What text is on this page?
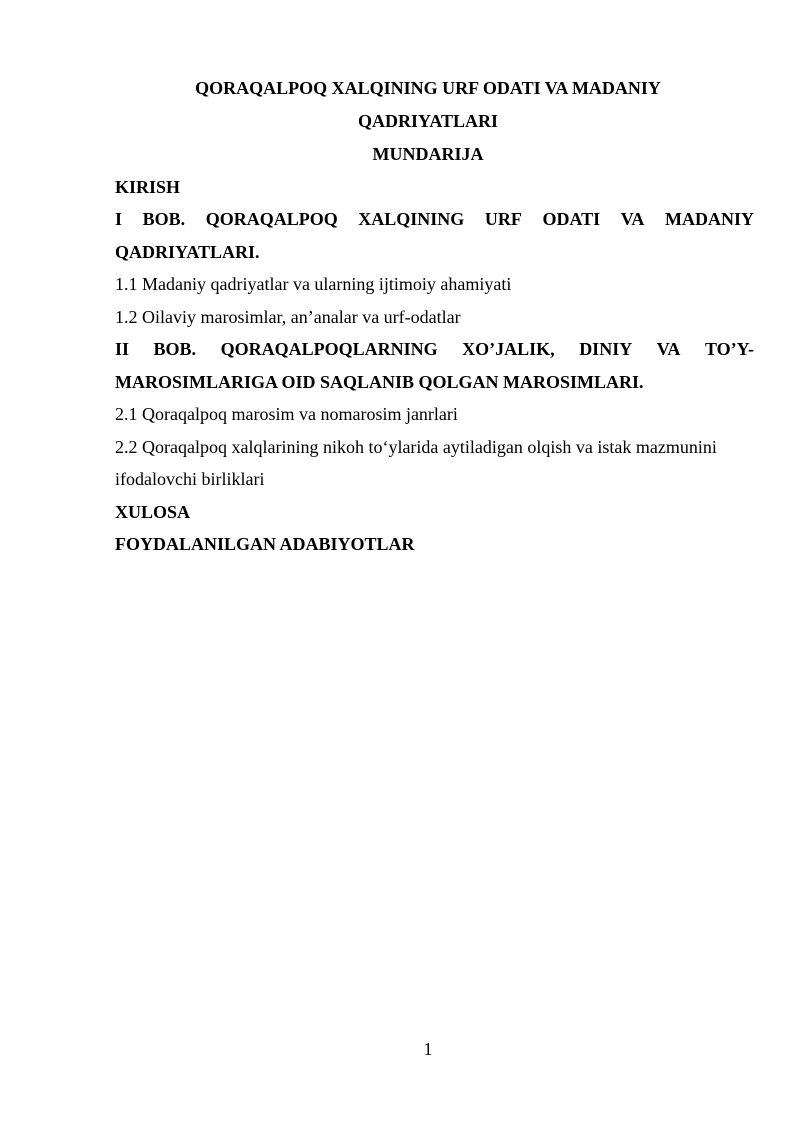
QORAQALPOQ XALQINING URF ODATI VA MADANIY

QADRIYATLARI

MUNDARIJA

KIRISH

I BOB. QORAQALPOQ XALQINING URF ODATI VA MADANIY

QADRIYATLARI.

1.1 Madaniy qadriyatlar va ularning ijtimoiy ahamiyati

1.2 Oilaviy marosimlar, an’analar va urf-odatlar

II BOB. QORAQALPOQLARNING XO’JALIK, DINIY VA TO’Y-

MAROSIMLARIGA OID SAQLANIB QOLGAN MAROSIMLARI.

2.1 Qoraqalpoq marosim va nomarosim janrlari

2.2 Qoraqalpoq xalqlarining nikoh to‘ylarida aytiladigan olqish va istak mazmunini

ifodalovchi birliklari

XULOSA

FOYDALANILGAN ADABIYOTLAR

1
